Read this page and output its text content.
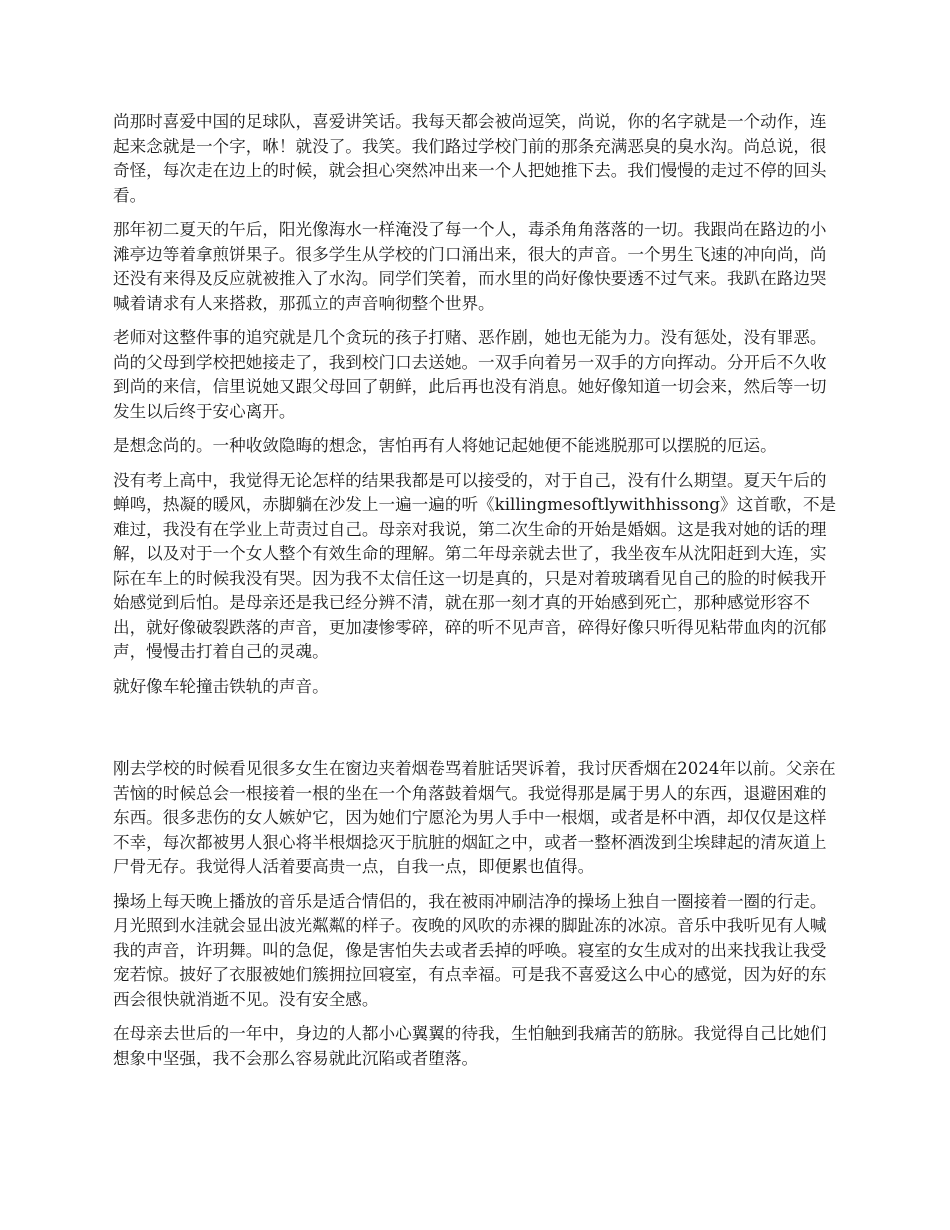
尚那时喜爱中国的足球队，喜爱讲笑话。我每天都会被尚逗笑，尚说，你的名字就是一个动作，连起来念就是一个字，咻！就没了。我笑。我们路过学校门前的那条充满恶臭的臭水沟。尚总说，很奇怪，每次走在边上的时候，就会担心突然冲出来一个人把她推下去。我们慢慢的走过不停的回头看。

那年初二夏天的午后，阳光像海水一样淹没了每一个人，毒杀角角落落的一切。我跟尚在路边的小滩亭边等着拿煎饼果子。很多学生从学校的门口涌出来，很大的声音。一个男生飞速的冲向尚，尚还没有来得及反应就被推入了水沟。同学们笑着，而水里的尚好像快要透不过气来。我趴在路边哭喊着请求有人来搭救，那孤立的声音响彻整个世界。

老师对这整件事的追究就是几个贪玩的孩子打赌、恶作剧，她也无能为力。没有惩处，没有罪恶。尚的父母到学校把她接走了，我到校门口去送她。一双手向着另一双手的方向挥动。分开后不久收到尚的来信，信里说她又跟父母回了朝鲜，此后再也没有消息。她好像知道一切会来，然后等一切发生以后终于安心离开。

是想念尚的。一种收敛隐晦的想念，害怕再有人将她记起她便不能逃脱那可以摆脱的厄运。

没有考上高中，我觉得无论怎样的结果我都是可以接受的，对于自己，没有什么期望。夏天午后的蝉鸣，热凝的暖风，赤脚躺在沙发上一遍一遍的听《killingmesoftlywithhissong》这首歌，不是难过，我没有在学业上苛责过自己。母亲对我说，第二次生命的开始是婚姻。这是我对她的话的理解，以及对于一个女人整个有效生命的理解。第二年母亲就去世了，我坐夜车从沈阳赶到大连，实际在车上的时候我没有哭。因为我不太信任这一切是真的，只是对着玻璃看见自己的脸的时候我开始感觉到后怕。是母亲还是我已经分辨不清，就在那一刻才真的开始感到死亡，那种感觉形容不出，就好像破裂跌落的声音，更加凄惨零碎，碎的听不见声音，碎得好像只听得见粘带血肉的沉郁声，慢慢击打着自己的灵魂。

就好像车轮撞击铁轨的声音。

刚去学校的时候看见很多女生在窗边夹着烟卷骂着脏话哭诉着，我讨厌香烟在2024年以前。父亲在苦恼的时候总会一根接着一根的坐在一个角落鼓着烟气。我觉得那是属于男人的东西，退避困难的东西。很多悲伤的女人嫉妒它，因为她们宁愿沦为男人手中一根烟，或者是杯中酒，却仅仅是这样不幸，每次都被男人狠心将半根烟捻灭于肮脏的烟缸之中，或者一整杯酒泼到尘埃肆起的清灰道上尸骨无存。我觉得人活着要高贵一点，自我一点，即便累也值得。

操场上每天晚上播放的音乐是适合情侣的，我在被雨冲刷洁净的操场上独自一圈接着一圈的行走。月光照到水洼就会显出波光粼粼的样子。夜晚的风吹的赤裸的脚趾冻的冰凉。音乐中我听见有人喊我的声音，许玥舞。叫的急促，像是害怕失去或者丢掉的呼唤。寝室的女生成对的出来找我让我受宠若惊。披好了衣服被她们簇拥拉回寝室，有点幸福。可是我不喜爱这么中心的感觉，因为好的东西会很快就消逝不见。没有安全感。

在母亲去世后的一年中，身边的人都小心翼翼的待我，生怕触到我痛苦的筋脉。我觉得自己比她们想象中坚强，我不会那么容易就此沉陷或者堕落。
